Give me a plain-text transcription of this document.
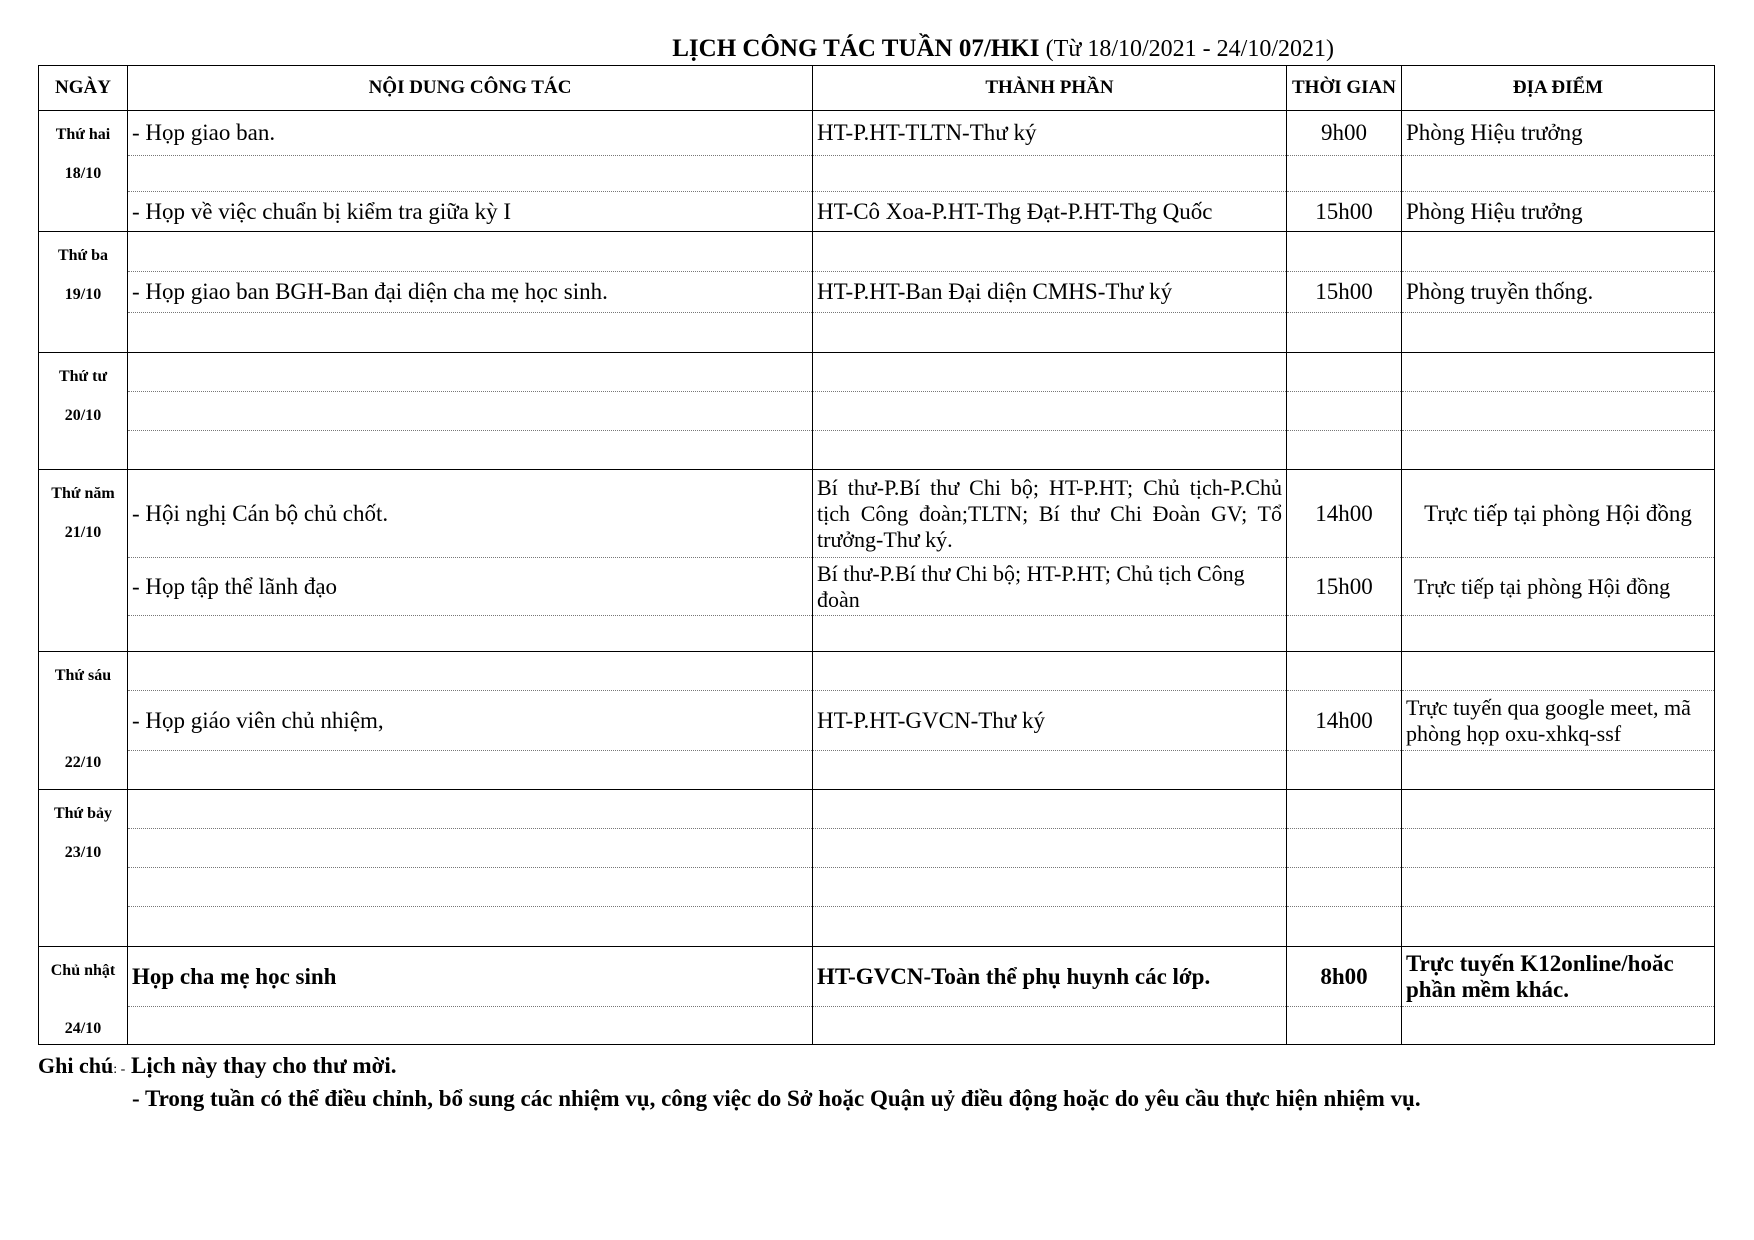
LỊCH CÔNG TÁC TUẦN 07/HKI (Từ 18/10/2021 - 24/10/2021)
NGÀY	NỘI DUNG CÔNG TÁC	THÀNH PHẦN	THỜI GIAN	ĐỊA ĐIỂM

Thứ hai
18/10	- Họp giao ban.	HT-P.HT-TLTN-Thư ký	9h00	Phòng Hiệu trưởng

	- Họp về việc chuẩn bị kiểm tra giữa kỳ I	HT-Cô Xoa-P.HT-Thg Đạt-P.HT-Thg Quốc	15h00	Phòng Hiệu trưởng

Thứ ba
19/10				

	- Họp giao ban BGH-Ban đại diện cha mẹ học sinh.	HT-P.HT-Ban Đại diện CMHS-Thư ký	15h00	Phòng truyền thống.

Thứ tư
20/10				

Thứ năm
21/10	- Hội nghị Cán bộ chủ chốt.	Bí thư-P.Bí thư Chi bộ; HT-P.HT; Chủ tịch-P.Chủ tịch Công đoàn;TLTN; Bí thư Chi Đoàn GV; Tổ trưởng-Thư ký.	14h00	Trực tiếp tại phòng Hội đồng
	- Họp tập thể lãnh đạo	Bí thư-P.Bí thư Chi bộ; HT-P.HT; Chủ tịch Công đoàn	15h00	Trực tiếp tại phòng Hội đồng

Thứ sáu
22/10				

	- Họp giáo viên chủ nhiệm,	HT-P.HT-GVCN-Thư ký	14h00	Trực tuyến qua google meet, mã phòng họp oxu-xhkq-ssf

Thứ bảy
23/10				

Chủ nhật
24/10	Họp cha mẹ học sinh	HT-GVCN-Toàn thể phụ huynh các lớp.	8h00	Trực tuyến K12online/hoăc phần mềm khác.

Ghi chú: - Lịch này thay cho thư mời.
- Trong tuần có thể điều chỉnh, bổ sung các nhiệm vụ, công việc do Sở hoặc Quận uỷ điều động hoặc do yêu cầu thực hiện nhiệm vụ.
